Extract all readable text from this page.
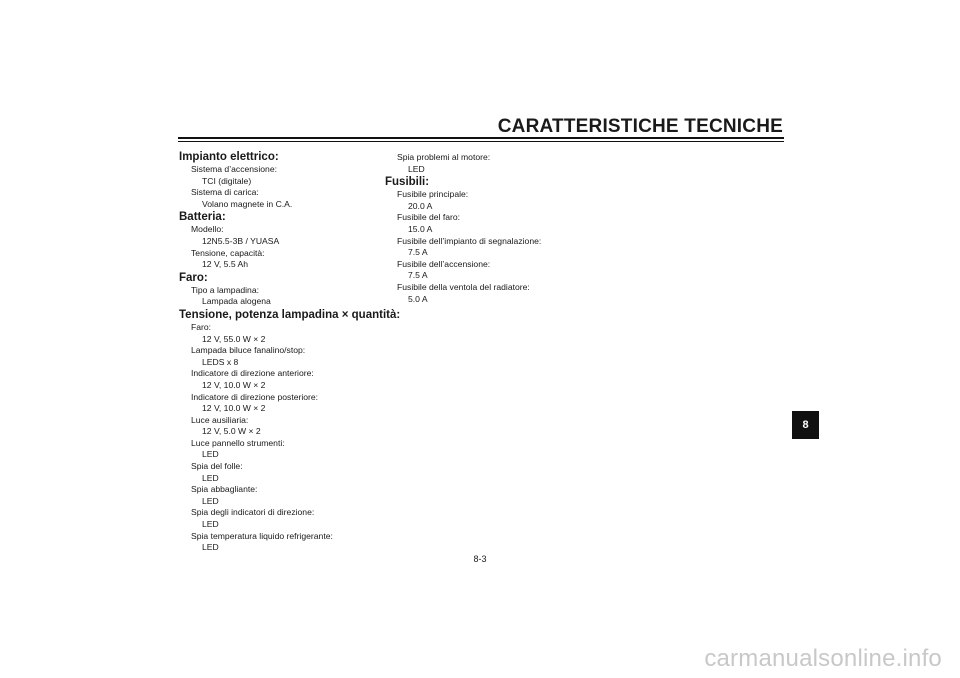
CARATTERISTICHE TECNICHE
Impianto elettrico:
Sistema d’accensione:
TCI (digitale)
Sistema di carica:
Volano magnete in C.A.
Batteria:
Modello:
12N5.5-3B / YUASA
Tensione, capacità:
12 V, 5.5 Ah
Faro:
Tipo a lampadina:
Lampada alogena
Tensione, potenza lampadina × quantità:
Faro:
12 V, 55.0 W × 2
Lampada biluce fanalino/stop:
LEDS x 8
Indicatore di direzione anteriore:
12 V, 10.0 W × 2
Indicatore di direzione posteriore:
12 V, 10.0 W × 2
Luce ausiliaria:
12 V, 5.0 W × 2
Luce pannello strumenti:
LED
Spia del folle:
LED
Spia abbagliante:
LED
Spia degli indicatori di direzione:
LED
Spia temperatura liquido refrigerante:
LED
Spia problemi al motore:
LED
Fusibili:
Fusibile principale:
20.0 A
Fusibile del faro:
15.0 A
Fusibile dell’impianto di segnalazione:
7.5 A
Fusibile dell’accensione:
7.5 A
Fusibile della ventola del radiatore:
5.0 A
8
8-3
carmanualsonline.info
